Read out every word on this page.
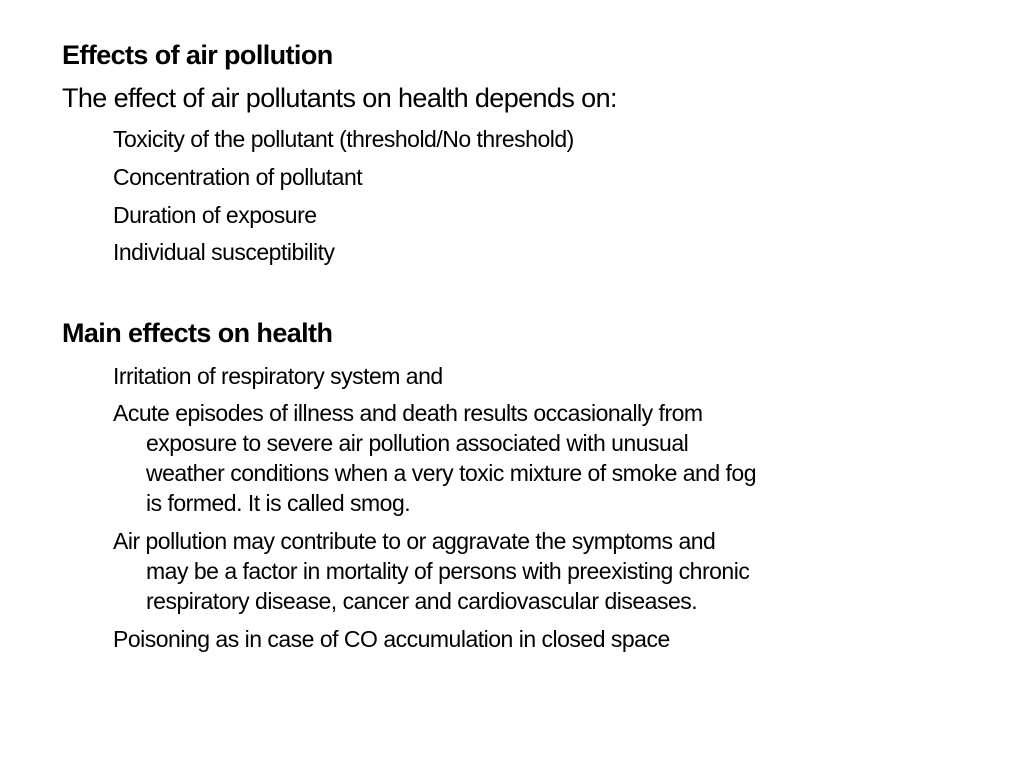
Effects of air pollution
The effect of air pollutants on health depends on:
Toxicity of the pollutant (threshold/No threshold)
Concentration of pollutant
Duration of exposure
Individual susceptibility
Main effects on health
Irritation of respiratory system and
Acute episodes of illness and death results occasionally from
exposure to severe air pollution associated with unusual
weather conditions when a very toxic mixture of smoke and fog
is formed. It is called smog.
Air pollution may contribute to or aggravate the symptoms and
may be a factor in mortality of persons with preexisting chronic
respiratory disease, cancer and cardiovascular diseases.
Poisoning as in case of CO accumulation in closed space
